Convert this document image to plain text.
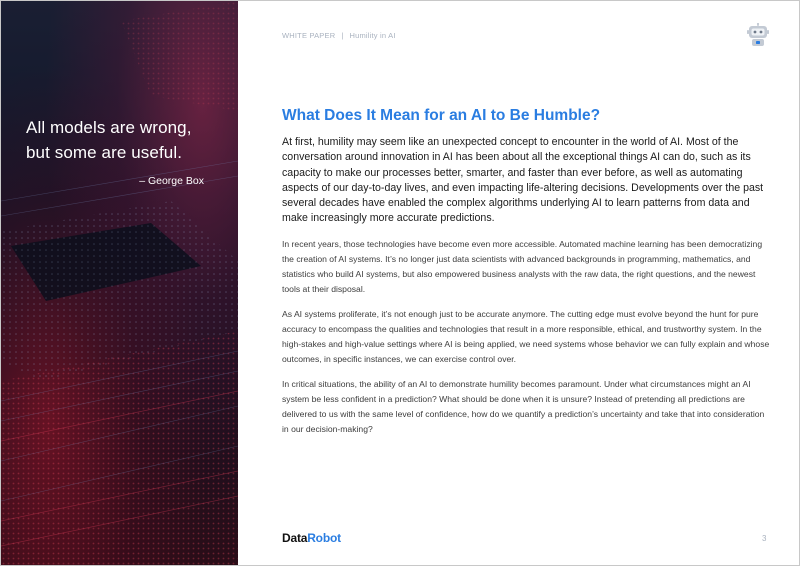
All models are wrong,
but some are useful.
– George Box
WHITE PAPER | Humility in AI
What Does It Mean for an AI to Be Humble?

At first, humility may seem like an unexpected concept to encounter in the world of AI. Most of the conversation around innovation in AI has been about all the exceptional things AI can do, such as its capacity to make our processes better, smarter, and faster than ever before, as well as automating aspects of our day-to-day lives, and even impacting life-altering decisions. Developments over the past several decades have enabled the complex algorithms underlying AI to learn patterns from data and make increasingly more accurate predictions.

In recent years, those technologies have become even more accessible. Automated machine learning has been democratizing the creation of AI systems. It’s no longer just data scientists with advanced backgrounds in programming, mathematics, and statistics who build AI systems, but also empowered business analysts with the raw data, the right questions, and the newest tools at their disposal.

As AI systems proliferate, it’s not enough just to be accurate anymore. The cutting edge must evolve beyond the hunt for pure accuracy to encompass the qualities and technologies that result in a more responsible, ethical, and trustworthy system. In the high-stakes and high-value settings where AI is being applied, we need systems whose behavior we can fully explain and whose outcomes, in specific instances, we can exercise control over.

In critical situations, the ability of an AI to demonstrate humility becomes paramount. Under what circumstances might an AI system be less confident in a prediction? What should be done when it is unsure? Instead of pretending all predictions are delivered to us with the same level of confidence, how do we quantify a prediction’s uncertainty and take that into consideration in our decision-making?

DataRobot	3
